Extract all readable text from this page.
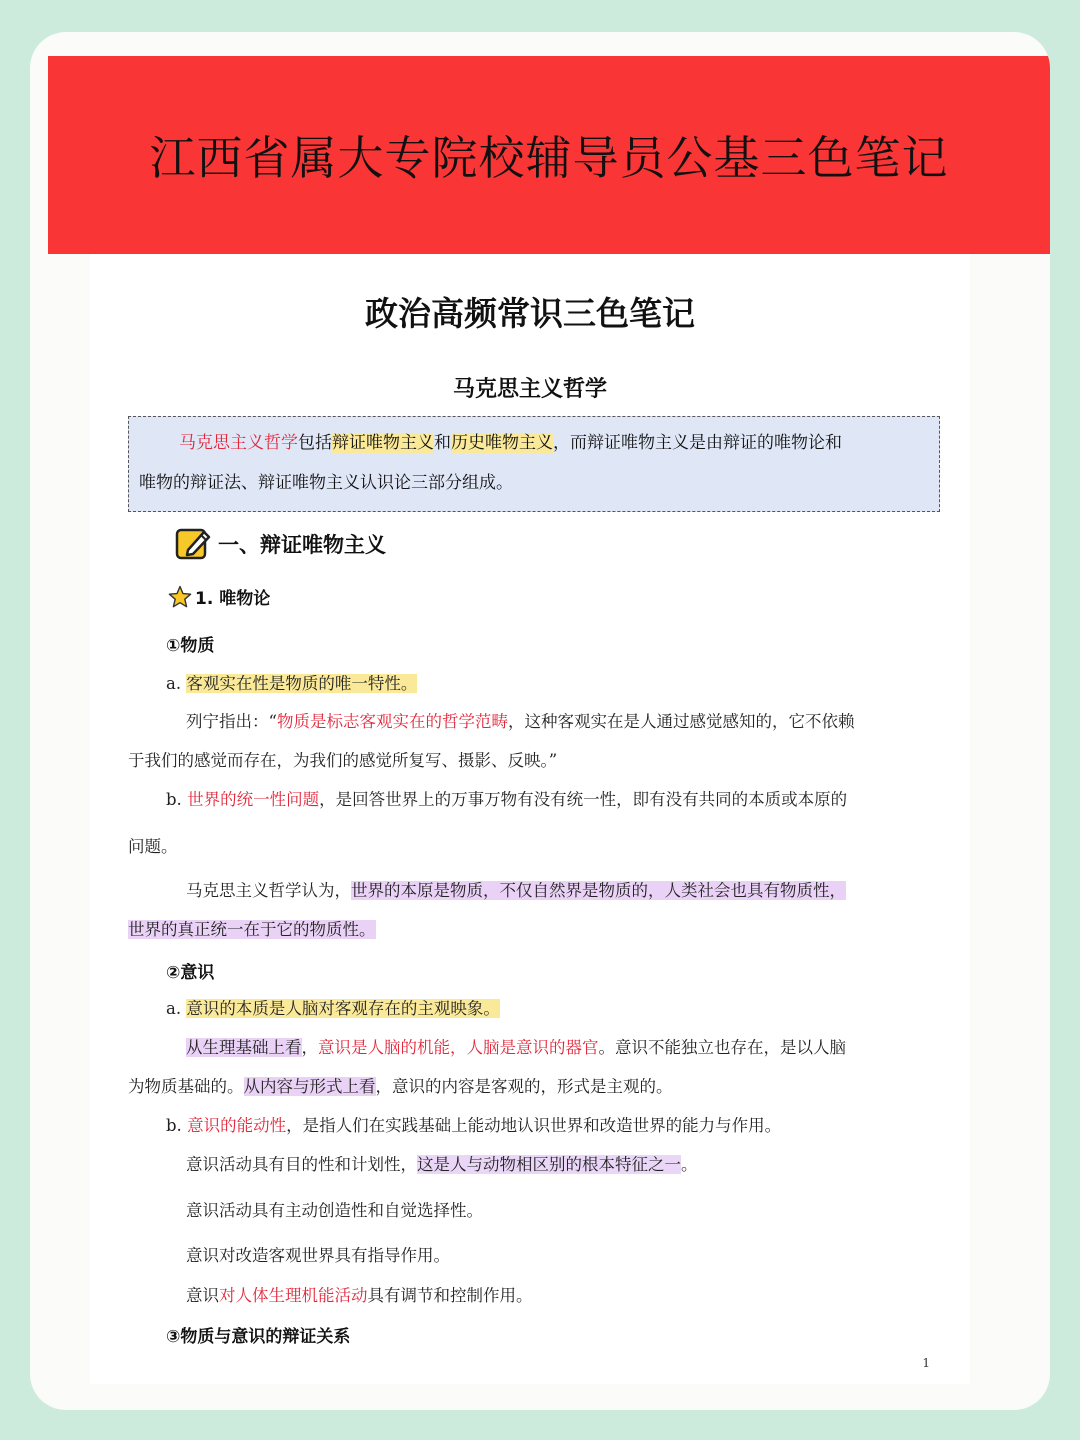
江西省属大专院校辅导员公基三色笔记
政治高频常识三色笔记
马克思主义哲学
马克思主义哲学包括辩证唯物主义和历史唯物主义，而辩证唯物主义是由辩证的唯物论和
唯物的辩证法、辩证唯物主义认识论三部分组成。
一、辩证唯物主义
1. 唯物论
①物质
a. 客观实在性是物质的唯一特性。
列宁指出：“物质是标志客观实在的哲学范畴，这种客观实在是人通过感觉感知的，它不依赖
于我们的感觉而存在，为我们的感觉所复写、摄影、反映。”
b. 世界的统一性问题，是回答世界上的万事万物有没有统一性，即有没有共同的本质或本原的
问题。
马克思主义哲学认为，世界的本原是物质，不仅自然界是物质的，人类社会也具有物质性，
世界的真正统一在于它的物质性。
②意识
a. 意识的本质是人脑对客观存在的主观映象。
从生理基础上看，意识是人脑的机能，人脑是意识的器官。意识不能独立也存在，是以人脑
为物质基础的。从内容与形式上看，意识的内容是客观的，形式是主观的。
b. 意识的能动性，是指人们在实践基础上能动地认识世界和改造世界的能力与作用。
意识活动具有目的性和计划性，这是人与动物相区别的根本特征之一。
意识活动具有主动创造性和自觉选择性。
意识对改造客观世界具有指导作用。
意识对人体生理机能活动具有调节和控制作用。
③物质与意识的辩证关系
1
